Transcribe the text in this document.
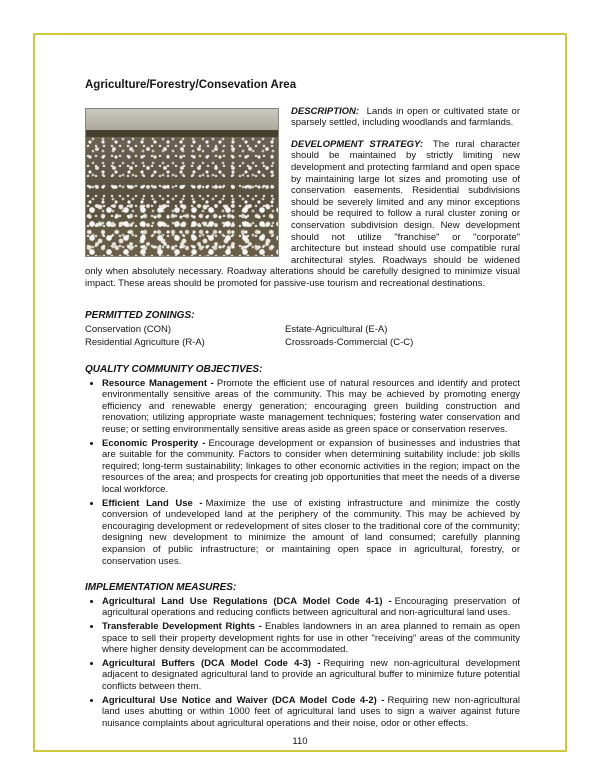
Agriculture/Forestry/Consevation Area

DESCRIPTION: Lands in open or cultivated state or sparsely settled, including woodlands and farmlands.

DEVELOPMENT STRATEGY: The rural character should be maintained by strictly limiting new development and protecting farmland and open space by maintaining large lot sizes and promoting use of conservation easements. Residential subdivisions should be severely limited and any minor exceptions should be required to follow a rural cluster zoning or conservation subdivision design. New development should not utilize "franchise" or "corporate" architecture but instead should use compatible rural architectural styles. Roadways should be widened only when absolutely necessary. Roadway alterations should be carefully designed to minimize visual impact. These areas should be promoted for passive-use tourism and recreational destinations.

PERMITTED ZONINGS:
Conservation (CON)	Estate-Agricultural (E-A)
Residential Agriculture (R-A)	Crossroads-Commercial (C-C)
QUALITY COMMUNITY OBJECTIVES:
• Resource Management - Promote the efficient use of natural resources and identify and protect environmentally sensitive areas of the community. This may be achieved by promoting energy efficiency and renewable energy generation; encouraging green building construction and renovation; utilizing appropriate waste management techniques; fostering water conservation and reuse; or setting environmentally sensitive areas aside as green space or conservation reserves.
• Economic Prosperity - Encourage development or expansion of businesses and industries that are suitable for the community. Factors to consider when determining suitability include: job skills required; long-term sustainability; linkages to other economic activities in the region; impact on the resources of the area; and prospects for creating job opportunities that meet the needs of a diverse local workforce.
• Efficient Land Use - Maximize the use of existing infrastructure and minimize the costly conversion of undeveloped land at the periphery of the community. This may be achieved by encouraging development or redevelopment of sites closer to the traditional core of the community; designing new development to minimize the amount of land consumed; carefully planning expansion of public infrastructure; or maintaining open space in agricultural, forestry, or conservation uses.
IMPLEMENTATION MEASURES:
• Agricultural Land Use Regulations (DCA Model Code 4-1) - Encouraging preservation of agricultural operations and reducing conflicts between agricultural and non-agricultural land uses.
• Transferable Development Rights - Enables landowners in an area planned to remain as open space to sell their property development rights for use in other "receiving" areas of the community where higher density development can be accommodated.
• Agricultural Buffers (DCA Model Code 4-3) - Requiring new non-agricultural development adjacent to designated agricultural land to provide an agricultural buffer to minimize future potential conflicts between them.
• Agricultural Use Notice and Waiver (DCA Model Code 4-2) - Requiring new non-agricultural land uses abutting or within 1000 feet of agricultural land uses to sign a waiver against future nuisance complaints about agricultural operations and their noise, odor or other effects.
110
